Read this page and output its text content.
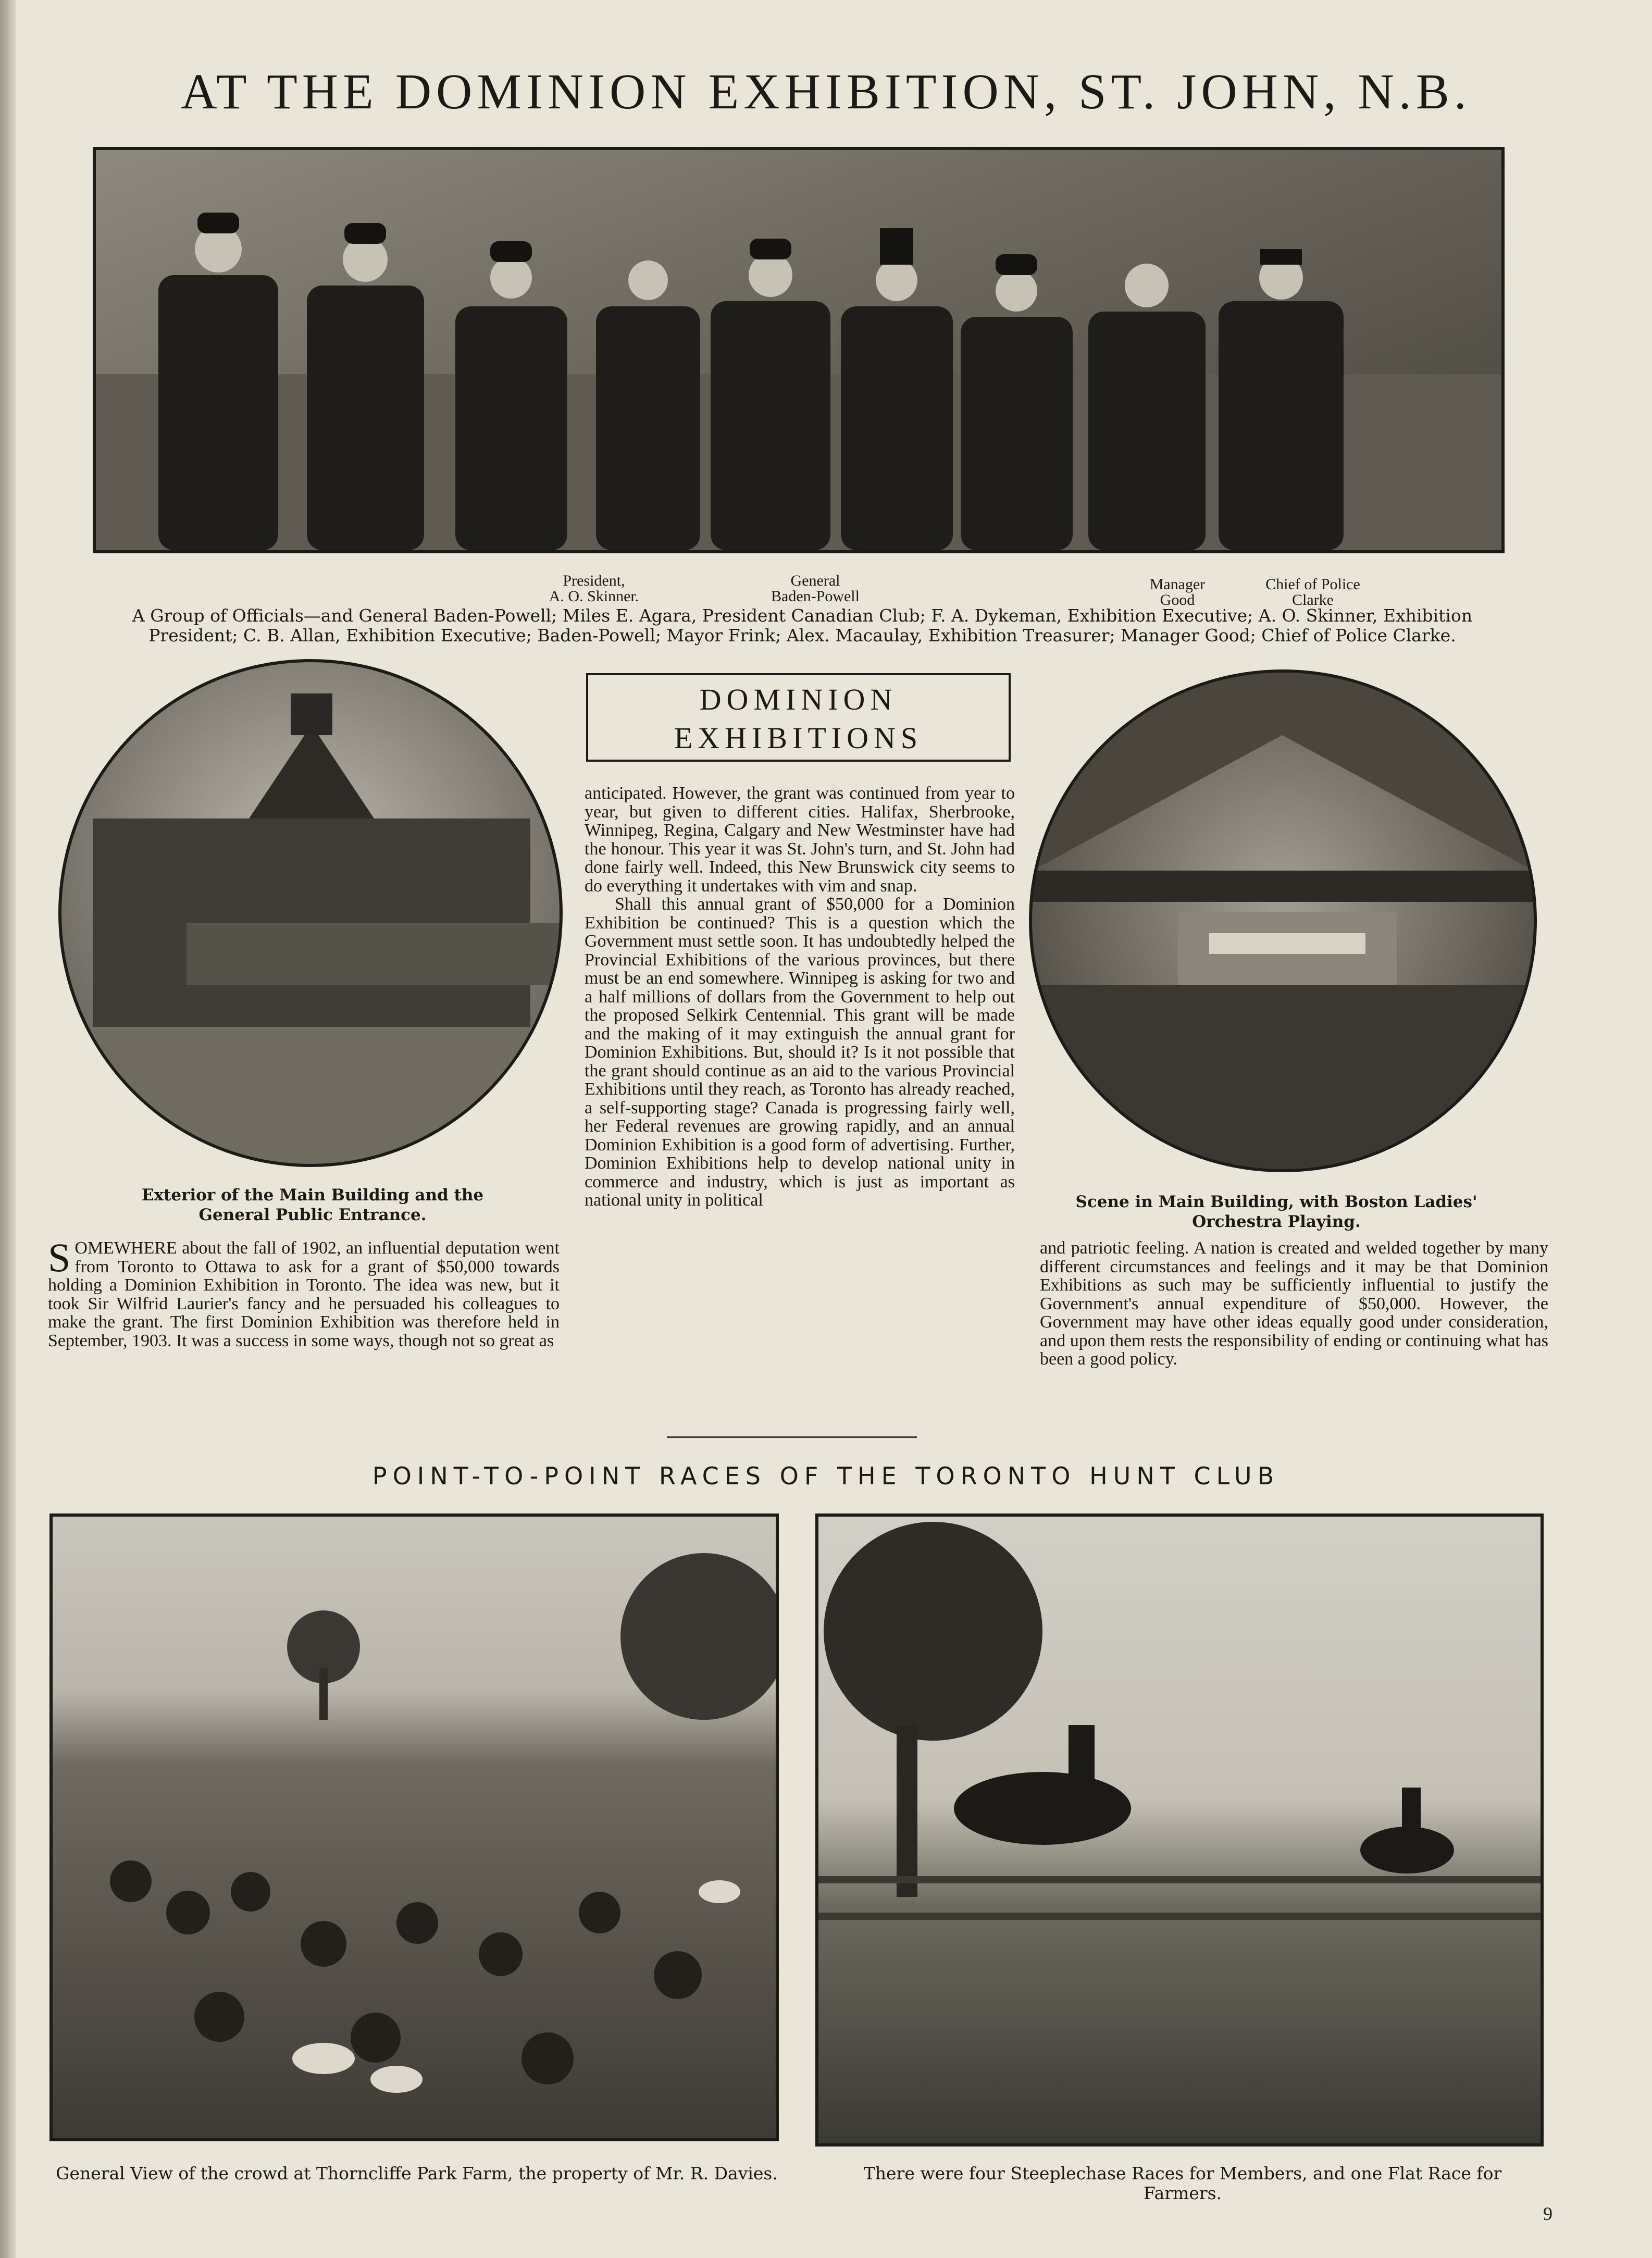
AT THE DOMINION EXHIBITION, ST. JOHN, N.B.
President,
A. O. Skinner.
General
Baden-Powell
Manager
Good
Chief of Police
Clarke
A Group of Officials—and General Baden-Powell; Miles E. Agara, President Canadian Club; F. A. Dykeman, Exhibition Executive; A. O. Skinner, Exhibition President; C. B. Allan, Exhibition Executive; Baden-Powell; Mayor Frink; Alex. Macaulay, Exhibition Treasurer; Manager Good; Chief of Police Clarke.
Exterior of the Main Building and the General Public Entrance.
DOMINION
EXHIBITIONS
Scene in Main Building, with Boston Ladies' Orchestra Playing.
S OMEWHERE about the fall of 1902, an influential deputation went from Toronto to Ottawa to ask for a grant of $50,000 towards holding a Dominion Exhibition in Toronto. The idea was new, but it took Sir Wilfrid Laurier's fancy and he persuaded his colleagues to make the grant. The first Dominion Exhibition was therefore held in September, 1903. It was a success in some ways, though not so great as
anticipated. However, the grant was continued from year to year, but given to different cities. Halifax, Sherbrooke, Winnipeg, Regina, Calgary and New Westminster have had the honour. This year it was St. John's turn, and St. John had done fairly well. Indeed, this New Brunswick city seems to do everything it undertakes with vim and snap.
Shall this annual grant of $50,000 for a Dominion Exhibition be continued? This is a question which the Government must settle soon. It has undoubtedly helped the Provincial Exhibitions of the various provinces, but there must be an end somewhere. Winnipeg is asking for two and a half millions of dollars from the Government to help out the proposed Selkirk Centennial. This grant will be made and the making of it may extinguish the annual grant for Dominion Exhibitions. But, should it? Is it not possible that the grant should continue as an aid to the various Provincial Exhibitions until they reach, as Toronto has already reached, a self-supporting stage? Canada is progressing fairly well, her Federal revenues are growing rapidly, and an annual Dominion Exhibition is a good form of advertising. Further, Dominion Exhibitions help to develop national unity in commerce and industry, which is just as important as national unity in political
and patriotic feeling. A nation is created and welded together by many different circumstances and feelings and it may be that Dominion Exhibitions as such may be sufficiently influential to justify the Government's annual expenditure of $50,000. However, the Government may have other ideas equally good under consideration, and upon them rests the responsibility of ending or continuing what has been a good policy.
POINT-TO-POINT RACES OF THE TORONTO HUNT CLUB
General View of the crowd at Thorncliffe Park Farm, the property of Mr. R. Davies.	There were four Steeplechase Races for Members, and one Flat Race for Farmers.
9
